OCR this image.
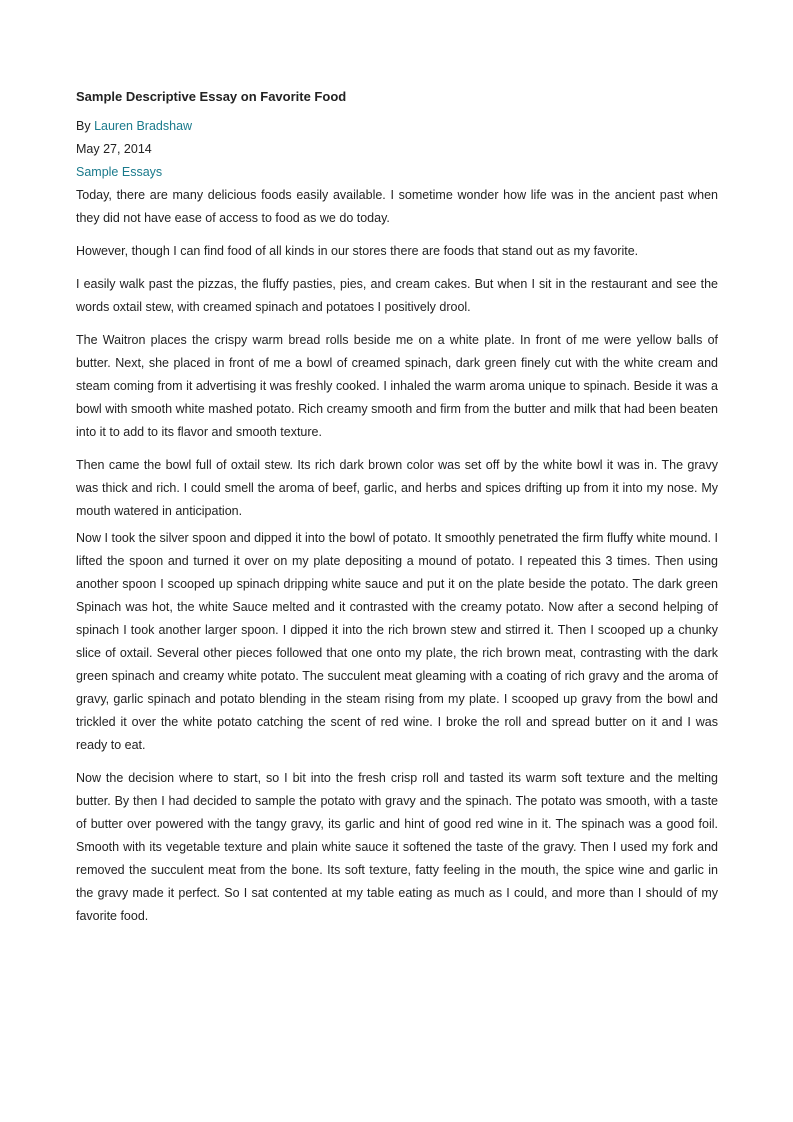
Sample Descriptive Essay on Favorite Food

By Lauren Bradshaw

May 27, 2014

Sample Essays

Today, there are many delicious foods easily available. I sometime wonder how life was in the ancient past when they did not have ease of access to food as we do today.

However, though I can find food of all kinds in our stores there are foods that stand out as my favorite.

I easily walk past the pizzas, the fluffy pasties, pies, and cream cakes. But when I sit in the restaurant and see the words oxtail stew, with creamed spinach and potatoes I positively drool.

The Waitron places the crispy warm bread rolls beside me on a white plate. In front of me were yellow balls of butter. Next, she placed in front of me a bowl of creamed spinach, dark green finely cut with the white cream and steam coming from it advertising it was freshly cooked. I inhaled the warm aroma unique to spinach. Beside it was a bowl with smooth white mashed potato. Rich creamy smooth and firm from the butter and milk that had been beaten into it to add to its flavor and smooth texture.

Then came the bowl full of oxtail stew. Its rich dark brown color was set off by the white bowl it was in. The gravy was thick and rich. I could smell the aroma of beef, garlic, and herbs and spices drifting up from it into my nose. My mouth watered in anticipation.

Now I took the silver spoon and dipped it into the bowl of potato. It smoothly penetrated the firm fluffy white mound. I lifted the spoon and turned it over on my plate depositing a mound of potato. I repeated this 3 times. Then using another spoon I scooped up spinach dripping white sauce and put it on the plate beside the potato. The dark green Spinach was hot, the white Sauce melted and it contrasted with the creamy potato. Now after a second helping of spinach I took another larger spoon. I dipped it into the rich brown stew and stirred it. Then I scooped up a chunky slice of oxtail. Several other pieces followed that one onto my plate, the rich brown meat, contrasting with the dark green spinach and creamy white potato. The succulent meat gleaming with a coating of rich gravy and the aroma of gravy, garlic spinach and potato blending in the steam rising from my plate. I scooped up gravy from the bowl and trickled it over the white potato catching the scent of red wine. I broke the roll and spread butter on it and I was ready to eat.

Now the decision where to start, so I bit into the fresh crisp roll and tasted its warm soft texture and the melting butter. By then I had decided to sample the potato with gravy and the spinach. The potato was smooth, with a taste of butter over powered with the tangy gravy, its garlic and hint of good red wine in it. The spinach was a good foil. Smooth with its vegetable texture and plain white sauce it softened the taste of the gravy. Then I used my fork and removed the succulent meat from the bone. Its soft texture, fatty feeling in the mouth, the spice wine and garlic in the gravy made it perfect. So I sat contented at my table eating as much as I could, and more than I should of my favorite food.
